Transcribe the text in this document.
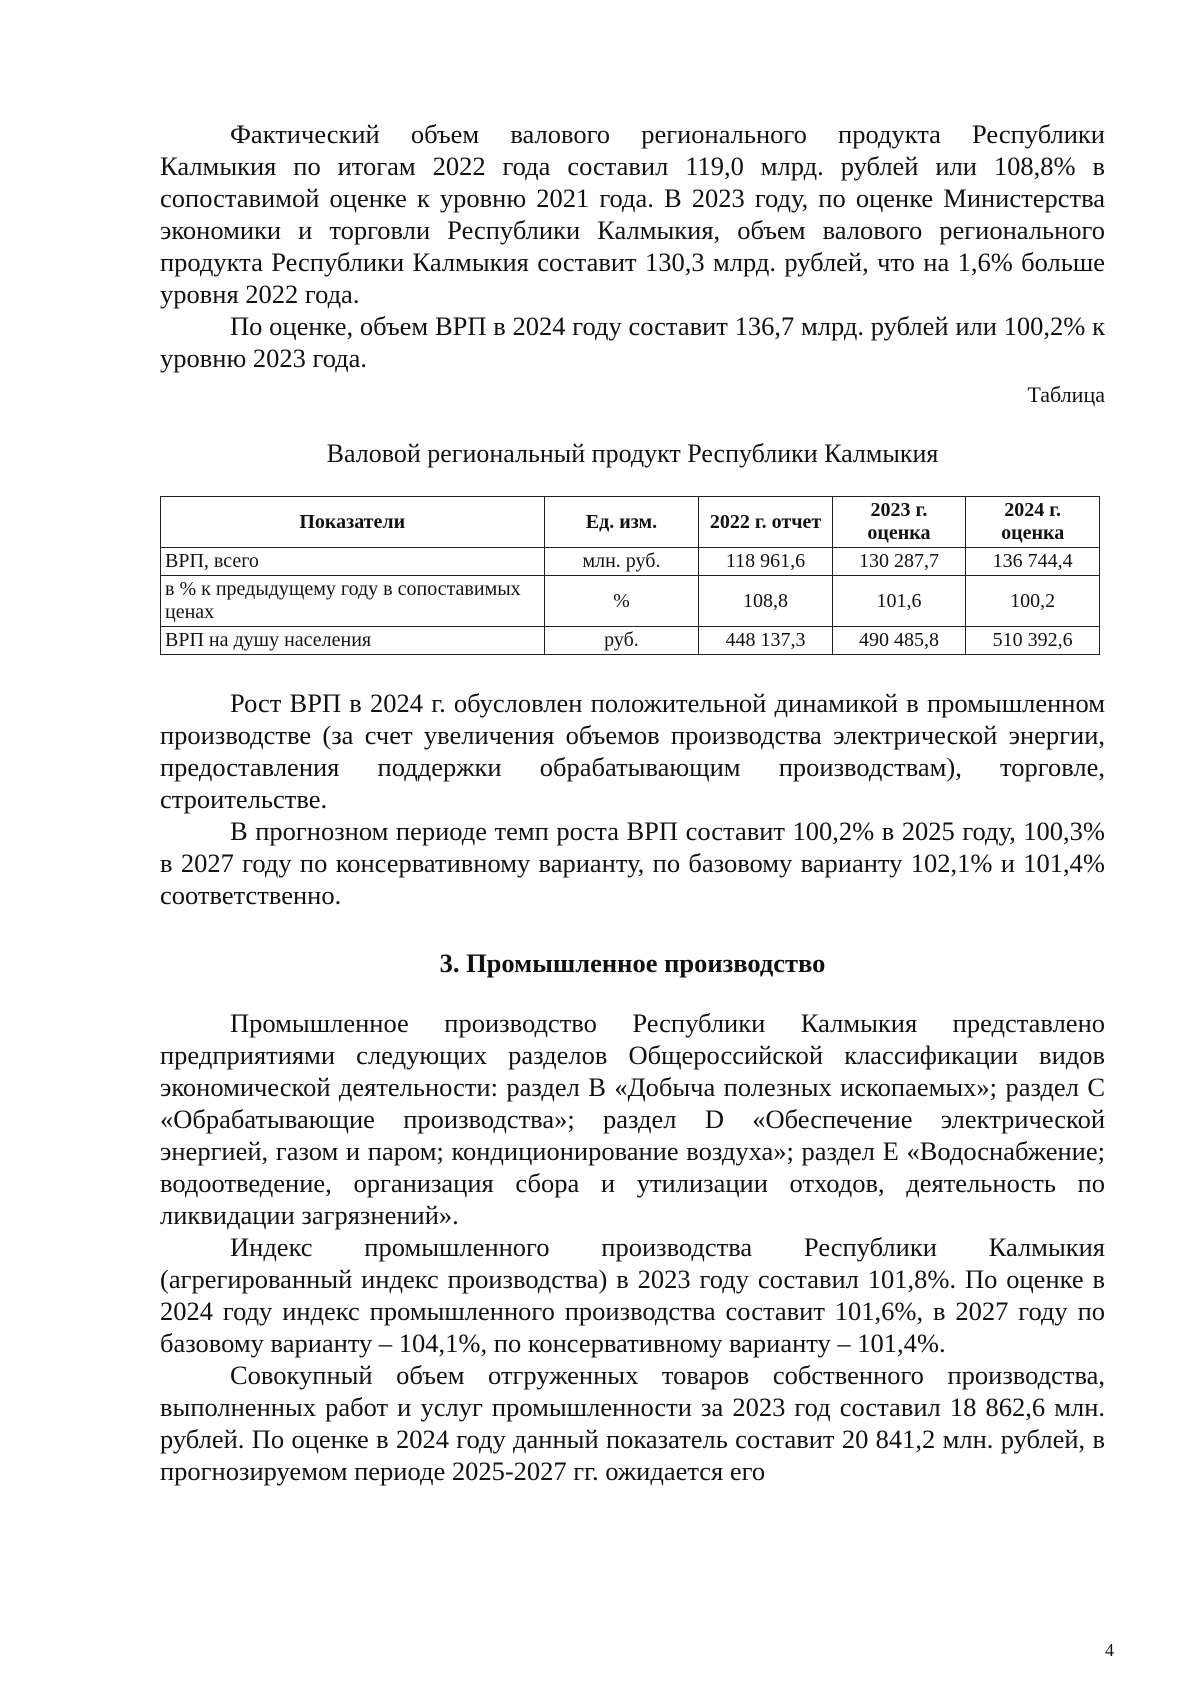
Фактический объем валового регионального продукта Республики Калмыкия по итогам 2022 года составил 119,0 млрд. рублей или 108,8% в сопоставимой оценке к уровню 2021 года. В 2023 году, по оценке Министерства экономики и торговли Республики Калмыкия, объем валового регионального продукта Республики Калмыкия составит 130,3 млрд. рублей, что на 1,6% больше уровня 2022 года.

По оценке, объем ВРП в 2024 году составит 136,7 млрд. рублей или 100,2% к уровню 2023 года.

Таблица
Валовой региональный продукт Республики Калмыкия
Показатели	Ед. изм.	2022 г. отчет	2023 г. оценка	2024 г. оценка
ВРП, всего	млн. руб.	118 961,6	130 287,7	136 744,4
в % к предыдущему году в сопоставимых ценах	%	108,8	101,6	100,2
ВРП на душу населения	руб.	448 137,3	490 485,8	510 392,6

Рост ВРП в 2024 г. обусловлен положительной динамикой в промышленном производстве (за счет увеличения объемов производства электрической энергии, предоставления поддержки обрабатывающим производствам), торговле, строительстве.

В прогнозном периоде темп роста ВРП составит 100,2% в 2025 году, 100,3% в 2027 году по консервативному варианту, по базовому варианту 102,1% и 101,4% соответственно.

3. Промышленное производство

Промышленное производство Республики Калмыкия представлено предприятиями следующих разделов Общероссийской классификации видов экономической деятельности: раздел B «Добыча полезных ископаемых»; раздел C «Обрабатывающие производства»; раздел D «Обеспечение электрической энергией, газом и паром; кондиционирование воздуха»; раздел E «Водоснабжение; водоотведение, организация сбора и утилизации отходов, деятельность по ликвидации загрязнений».

Индекс промышленного производства Республики Калмыкия (агрегированный индекс производства) в 2023 году составил 101,8%. По оценке в 2024 году индекс промышленного производства составит 101,6%, в 2027 году по базовому варианту – 104,1%, по консервативному варианту – 101,4%.

Совокупный объем отгруженных товаров собственного производства, выполненных работ и услуг промышленности за 2023 год составил 18 862,6 млн. рублей. По оценке в 2024 году данный показатель составит 20 841,2 млн. рублей, в прогнозируемом периоде 2025-2027 гг. ожидается его

4
